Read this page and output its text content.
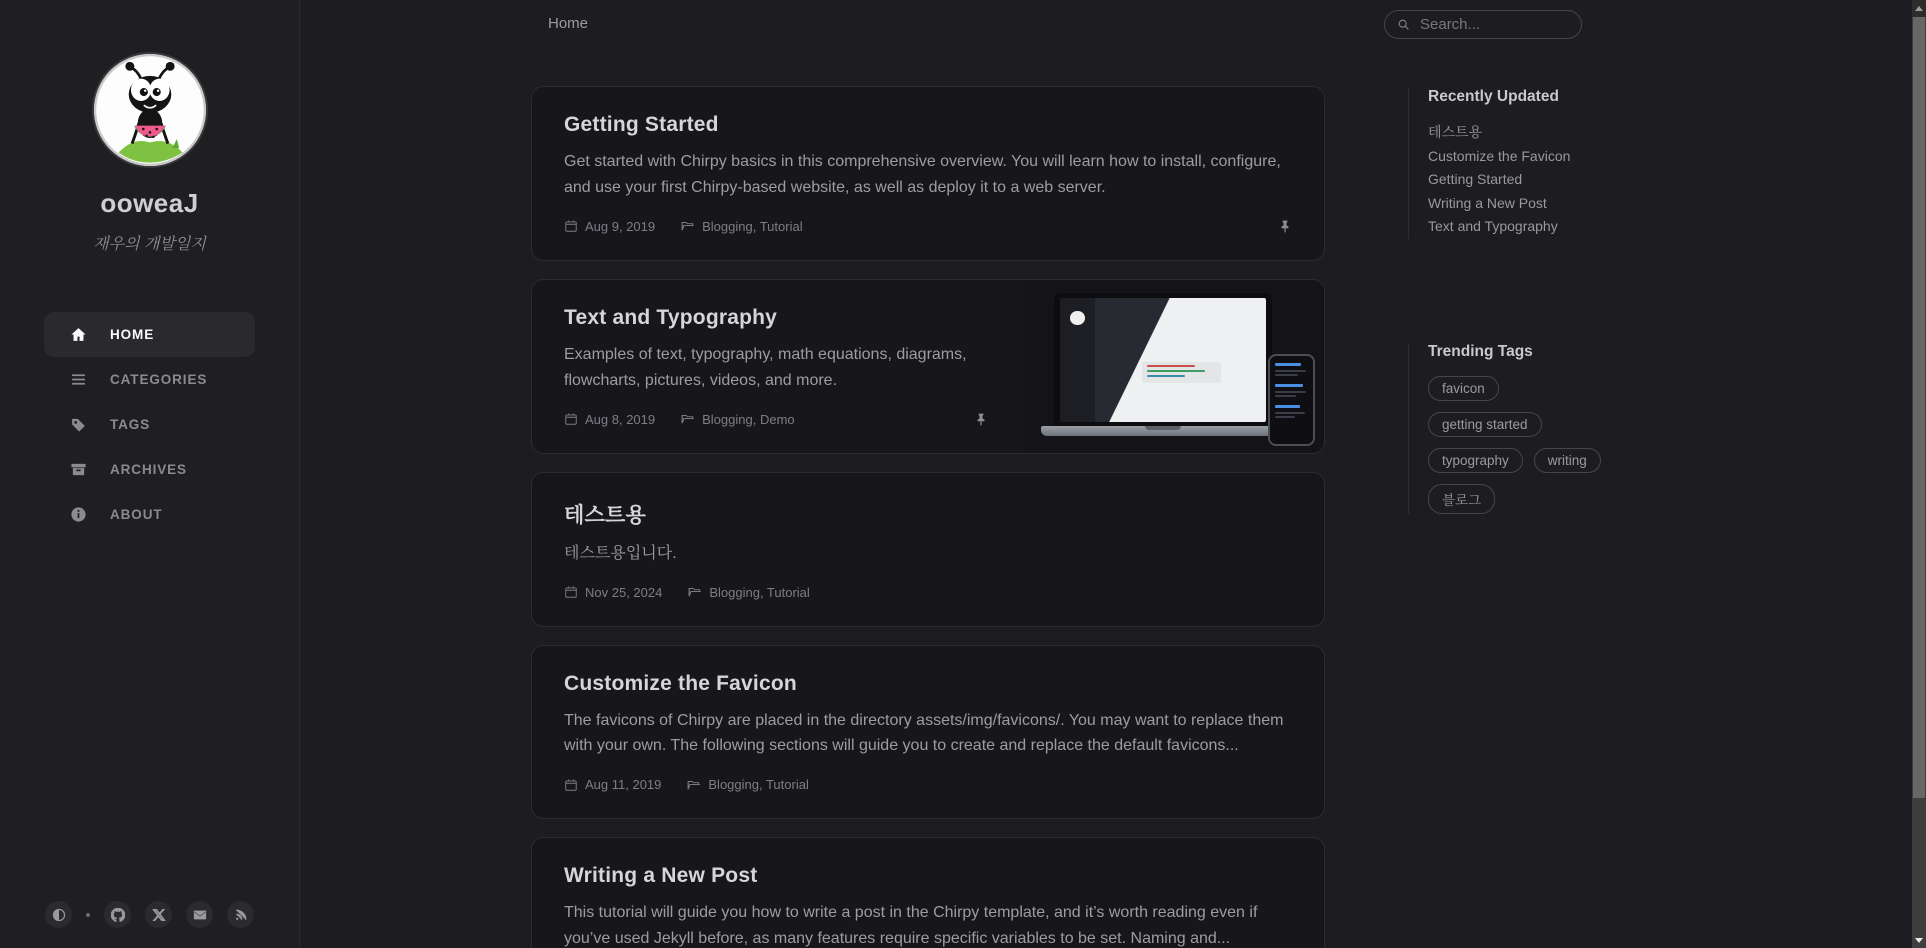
ooweaJ

재우의 개발일지

HOME
CATEGORIES
TAGS
ARCHIVES
ABOUT
Home
Search...
Getting Started

Get started with Chirpy basics in this comprehensive overview. You will learn how to install, configure, and use your first Chirpy-based website, as well as deploy it to a web server.

Aug 9, 2019	Blogging, Tutorial
Text and Typography

Examples of text, typography, math equations, diagrams, flowcharts, pictures, videos, and more.

Aug 8, 2019	Blogging, Demo
테스트용

테스트용입니다.

Nov 25, 2024	Blogging, Tutorial
Customize the Favicon

The favicons of Chirpy are placed in the directory assets/img/favicons/. You may want to replace them with your own. The following sections will guide you to create and replace the default favicons...

Aug 11, 2019	Blogging, Tutorial
Writing a New Post

This tutorial will guide you how to write a post in the Chirpy template, and it’s worth reading even if you’ve used Jekyll before, as many features require specific variables to be set. Naming and...

Recently Updated
테스트용
Customize the Favicon
Getting Started
Writing a New Post
Text and Typography
Trending Tags
favicon
getting started
typography	writing
블로그
